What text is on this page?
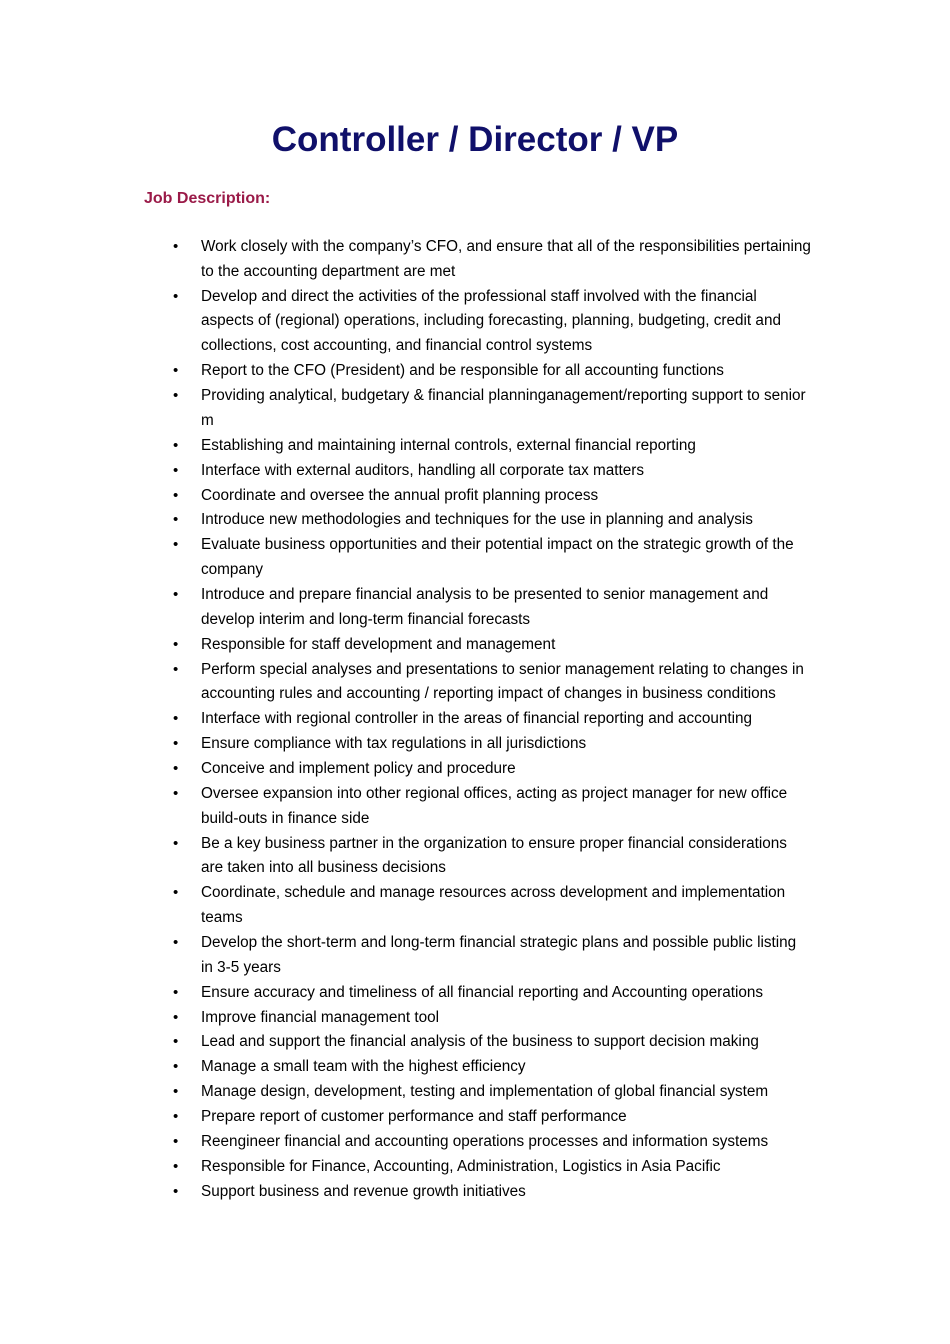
Controller / Director / VP
Job Description:
• Work closely with the company’s CFO, and ensure that all of the responsibilities pertaining to the accounting department are met
• Develop and direct the activities of the professional staff involved with the financial aspects of (regional) operations, including forecasting, planning, budgeting, credit and collections, cost accounting, and financial control systems
• Report to the CFO (President) and be responsible for all accounting functions
• Providing analytical, budgetary & financial planninganagement/reporting support to senior m
• Establishing and maintaining internal controls, external financial reporting
• Interface with external auditors, handling all corporate tax matters
• Coordinate and oversee the annual profit planning process
• Introduce new methodologies and techniques for the use in planning and analysis
• Evaluate business opportunities and their potential impact on the strategic growth of the company
• Introduce and prepare financial analysis to be presented to senior management and develop interim and long-term financial forecasts
• Responsible for staff development and management
• Perform special analyses and presentations to senior management relating to changes in accounting rules and accounting / reporting impact of changes in business conditions
• Interface with regional controller in the areas of financial reporting and accounting
• Ensure compliance with tax regulations in all jurisdictions
• Conceive and implement policy and procedure
• Oversee expansion into other regional offices, acting as project manager for new office build-outs in finance side
• Be a key business partner in the organization to ensure proper financial considerations are taken into all business decisions
• Coordinate, schedule and manage resources across development and implementation teams
• Develop the short-term and long-term financial strategic plans and possible public listing in 3-5 years
• Ensure accuracy and timeliness of all financial reporting and Accounting operations
• Improve financial management tool
• Lead and support the financial analysis of the business to support decision making
• Manage a small team with the highest efficiency
• Manage design, development, testing and implementation of global financial system
• Prepare report of customer performance and staff performance
• Reengineer financial and accounting operations processes and information systems
• Responsible for Finance, Accounting, Administration, Logistics in Asia Pacific
• Support business and revenue growth initiatives
